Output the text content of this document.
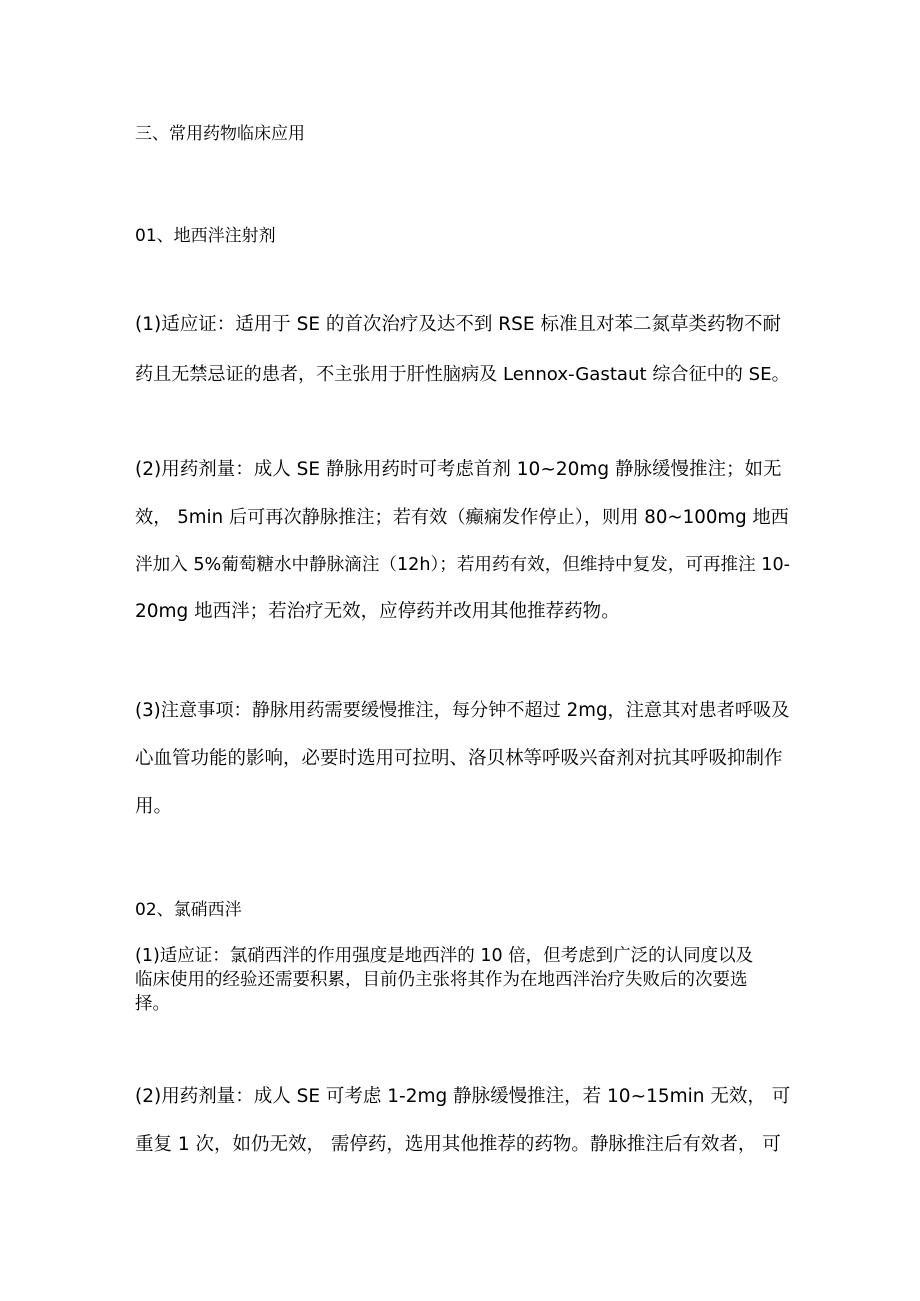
三、常用药物临床应用
01、地西泮注射剂
(1)适应证：适用于 SE 的首次治疗及达不到 RSE 标准且对苯二氮草类药物不耐
药且无禁忌证的患者，不主张用于肝性脑病及 Lennox-Gastaut 综合征中的 SE。
(2)用药剂量：成人 SE 静脉用药时可考虑首剂 10~20mg 静脉缓慢推注；如无
效， 5min 后可再次静脉推注；若有效（癫痫发作停止），则用 80~100mg 地西
泮加入 5%葡萄糖水中静脉滴注（12h）；若用药有效，但维持中复发，可再推注 10-
20mg 地西泮；若治疗无效，应停药并改用其他推荐药物。
(3)注意事项：静脉用药需要缓慢推注，每分钟不超过 2mg，注意其对患者呼吸及
心血管功能的影响，必要时选用可拉明、洛贝林等呼吸兴奋剂对抗其呼吸抑制作
用。
02、氯硝西泮
(1)适应证：氯硝西泮的作用强度是地西泮的 10 倍，但考虑到广泛的认同度以及
临床使用的经验还需要积累，目前仍主张将其作为在地西泮治疗失败后的次要选
择。
(2)用药剂量：成人 SE 可考虑 1-2mg 静脉缓慢推注，若 10~15min 无效， 可
重复 1 次，如仍无效， 需停药，选用其他推荐的药物。静脉推注后有效者， 可
